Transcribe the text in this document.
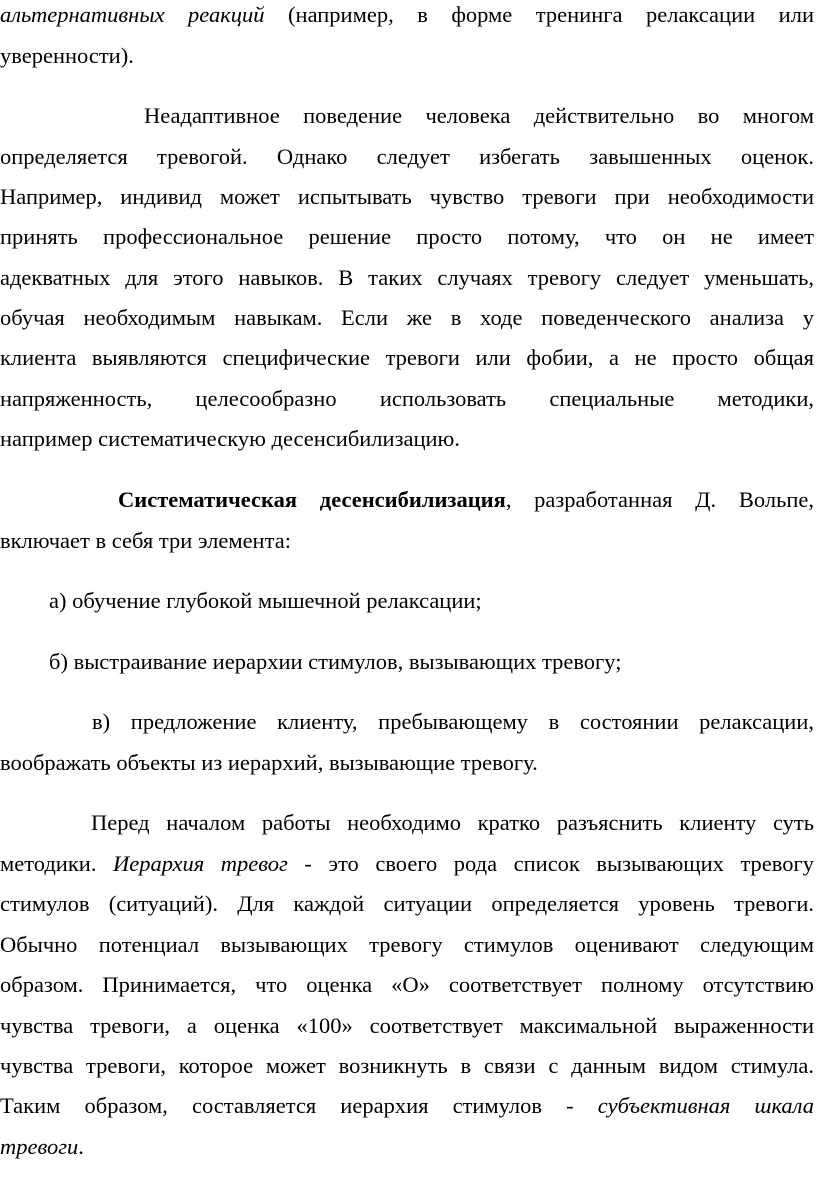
альтернативных реакций (например, в форме тренинга релаксации или
уверенности).
Неадаптивное поведение человека действительно во многом
определяется тревогой. Однако следует избегать завышенных оценок.
Например, индивид может испытывать чувство тревоги при необходимости
принять профессиональное решение просто потому, что он не имеет
адекватных для этого навыков. В таких случаях тревогу следует уменьшать,
обучая необходимым навыкам. Если же в ходе поведенческого анализа у
клиента выявляются специфические тревоги или фобии, а не просто общая
напряженность, целесообразно использовать специальные методики,
например систематическую десенсибилизацию.
Систематическая десенсибилизация, разработанная Д. Вольпе,
включает в себя три элемента:
а) обучение глубокой мышечной релаксации;
б) выстраивание иерархии стимулов, вызывающих тревогу;
в) предложение клиенту, пребывающему в состоянии релаксации,
воображать объекты из иерархий, вызывающие тревогу.
Перед началом работы необходимо кратко разъяснить клиенту суть
методики. Иерархия тревог - это своего рода список вызывающих тревогу
стимулов (ситуаций). Для каждой ситуации определяется уровень тревоги.
Обычно потенциал вызывающих тревогу стимулов оценивают следующим
образом. Принимается, что оценка «О» соответствует полному отсутствию
чувства тревоги, а оценка «100» соответствует максимальной выраженности
чувства тревоги, которое может возникнуть в связи с данным видом стимула.
Таким образом, составляется иерархия стимулов - субъективная шкала
тревоги.
